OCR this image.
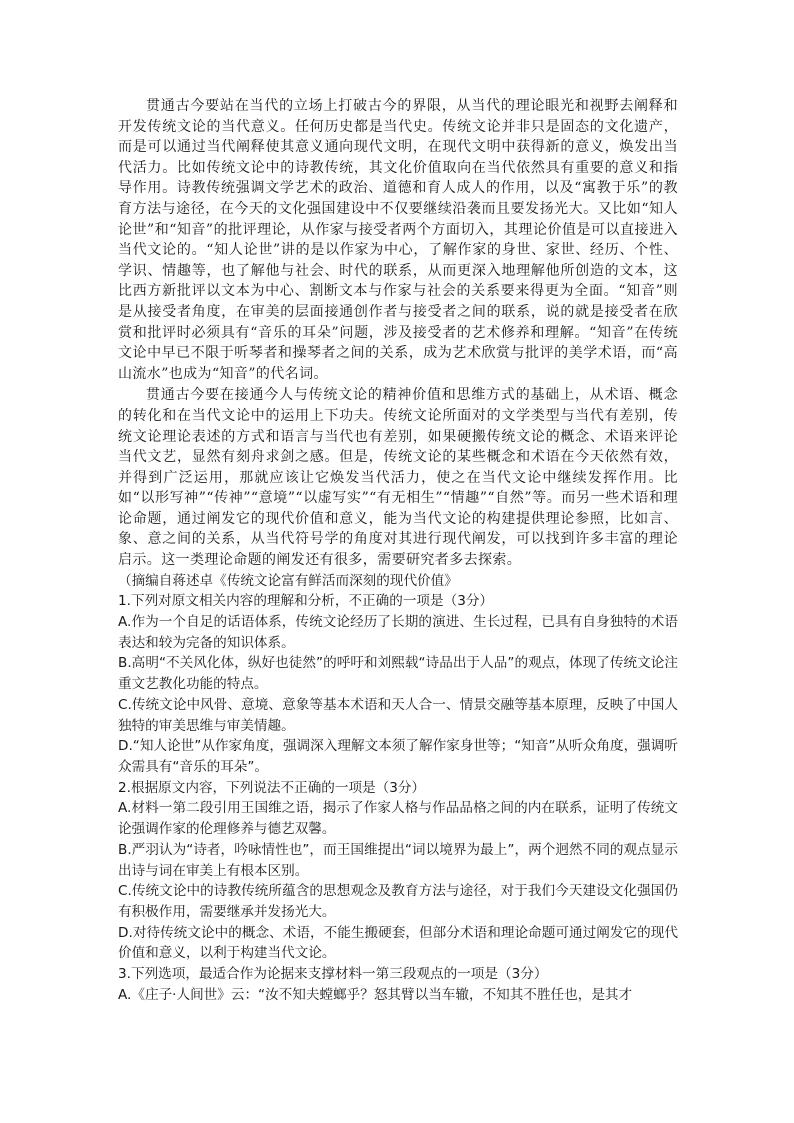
贯通古今要站在当代的立场上打破古今的界限，从当代的理论眼光和视野去阐释和开发传统文论的当代意义。任何历史都是当代史。传统文论并非只是固态的文化遗产，而是可以通过当代阐释使其意义通向现代文明，在现代文明中获得新的意义，焕发出当代活力。比如传统文论中的诗教传统，其文化价值取向在当代依然具有重要的意义和指导作用。诗教传统强调文学艺术的政治、道德和育人成人的作用，以及“寓教于乐”的教育方法与途径，在今天的文化强国建设中不仅要继续沿袭而且要发扬光大。又比如“知人论世”和“知音”的批评理论，从作家与接受者两个方面切入，其理论价值是可以直接进入当代文论的。“知人论世”讲的是以作家为中心，了解作家的身世、家世、经历、个性、学识、情趣等，也了解他与社会、时代的联系，从而更深入地理解他所创造的文本，这比西方新批评以文本为中心、割断文本与作家与社会的关系要来得更为全面。“知音”则是从接受者角度，在审美的层面接通创作者与接受者之间的联系，说的就是接受者在欣赏和批评时必须具有“音乐的耳朵”问题，涉及接受者的艺术修养和理解。“知音”在传统文论中早已不限于听琴者和操琴者之间的关系，成为艺术欣赏与批评的美学术语，而“高山流水”也成为“知音”的代名词。

贯通古今要在接通今人与传统文论的精神价值和思维方式的基础上，从术语、概念的转化和在当代文论中的运用上下功夫。传统文论所面对的文学类型与当代有差别，传统文论理论表述的方式和语言与当代也有差别，如果硬搬传统文论的概念、术语来评论当代文艺，显然有刻舟求剑之感。但是，传统文论的某些概念和术语在今天依然有效，并得到广泛运用，那就应该让它焕发当代活力，使之在当代文论中继续发挥作用。比如“以形写神”“传神”“意境”“以虚写实”“有无相生”“情趣”“自然”等。而另一些术语和理论命题，通过阐发它的现代价值和意义，能为当代文论的构建提供理论参照，比如言、象、意之间的关系，从当代符号学的角度对其进行现代阐发，可以找到许多丰富的理论启示。这一类理论命题的阐发还有很多，需要研究者多去探索。

（摘编自蒋述卓《传统文论富有鲜活而深刻的现代价值》

1.下列对原文相关内容的理解和分析，不正确的一项是（3分）

A.作为一个自足的话语体系，传统文论经历了长期的演进、生长过程，已具有自身独特的术语表达和较为完备的知识体系。

B.高明“不关风化体，纵好也徒然”的呼吁和刘熙载“诗品出于人品”的观点，体现了传统文论注重文艺教化功能的特点。

C.传统文论中风骨、意境、意象等基本术语和天人合一、情景交融等基本原理，反映了中国人独特的审美思维与审美情趣。

D.“知人论世”从作家角度，强调深入理解文本须了解作家身世等；“知音”从听众角度，强调听众需具有“音乐的耳朵”。

2.根据原文内容，下列说法不正确的一项是（3分）

A.材料一第二段引用王国维之语，揭示了作家人格与作品品格之间的内在联系，证明了传统文论强调作家的伦理修养与德艺双馨。

B.严羽认为“诗者，吟咏情性也”，而王国维提出“词以境界为最上”，两个迥然不同的观点显示出诗与词在审美上有根本区别。

C.传统文论中的诗教传统所蕴含的思想观念及教育方法与途径，对于我们今天建设文化强国仍有积极作用，需要继承并发扬光大。

D.对待传统文论中的概念、术语，不能生搬硬套，但部分术语和理论命题可通过阐发它的现代价值和意义，以利于构建当代文论。

3.下列选项，最适合作为论据来支撑材料一第三段观点的一项是（3分）

A.《庄子·人间世》云：“汝不知夫螳螂乎？怒其臂以当车辙，不知其不胜任也，是其才
